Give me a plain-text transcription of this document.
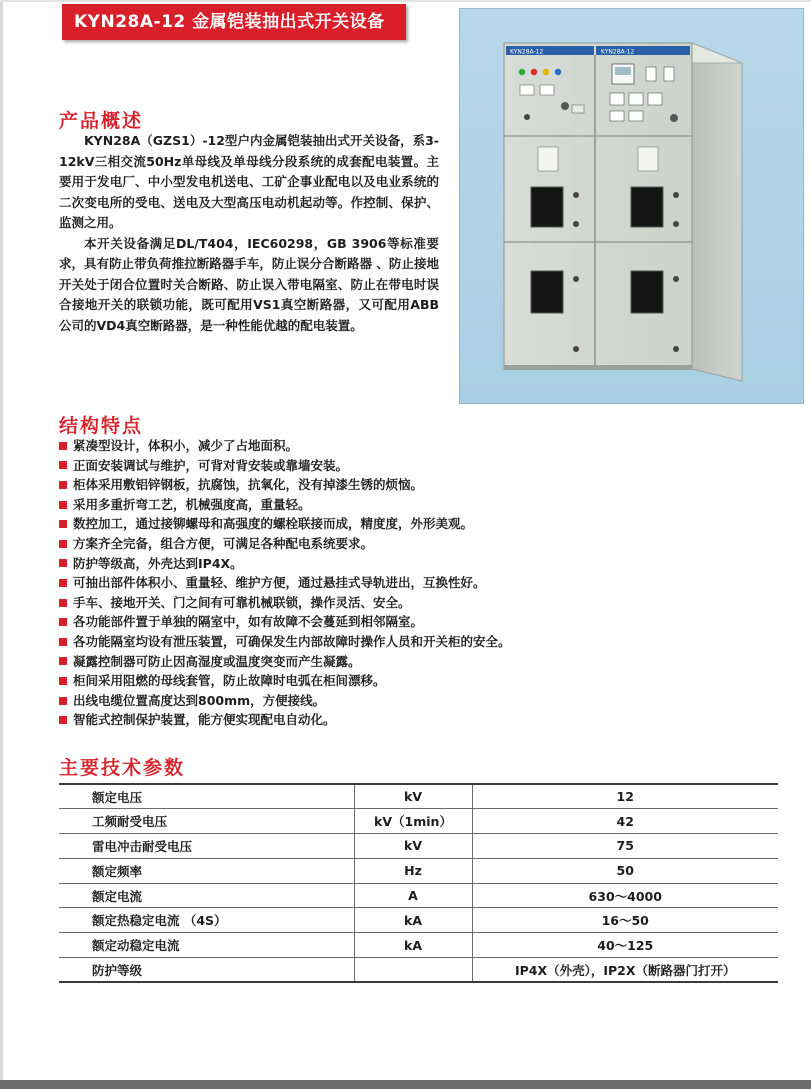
KYN28A-12 金属铠装抽出式开关设备
KYN28A-12	KYN28A-12
产品概述

KYN28A（GZS1）-12型户内金属铠装抽出式开关设备，系3-12kV三相交流50Hz单母线及单母线分段系统的成套配电装置。主要用于发电厂、中小型发电机送电、工矿企事业配电以及电业系统的二次变电所的受电、送电及大型高压电动机起动等。作控制、保护、监测之用。

本开关设备满足DL/T404，IEC60298，GB 3906等标准要求，具有防止带负荷推拉断路器手车，防止误分合断路器 、防止接地开关处于闭合位置时关合断路、防止误入带电隔室、防止在带电时误合接地开关的联锁功能，既可配用VS1真空断路器，又可配用ABB公司的VD4真空断路器，是一种性能优越的配电装置。

结构特点
紧凑型设计，体积小，减少了占地面积。
正面安装调试与维护，可背对背安装或靠墙安装。
柜体采用敷铝锌钢板，抗腐蚀，抗氧化，没有掉漆生锈的烦恼。
采用多重折弯工艺，机械强度高，重量轻。
数控加工，通过接铆螺母和高强度的螺栓联接而成，精度度，外形美观。
方案齐全完备，组合方便，可满足各种配电系统要求。
防护等级高，外壳达到IP4X。
可抽出部件体积小、重量轻、维护方便，通过悬挂式导轨进出，互换性好。
手车、接地开关、门之间有可靠机械联锁，操作灵活、安全。
各功能部件置于单独的隔室中，如有故障不会蔓延到相邻隔室。
各功能隔室均设有泄压装置，可确保发生内部故障时操作人员和开关柜的安全。
凝露控制器可防止因高湿度或温度突变而产生凝露。
柜间采用阻燃的母线套管，防止故障时电弧在柜间漂移。
出线电缆位置高度达到800mm，方便接线。
智能式控制保护装置，能方便实现配电自动化。
主要技术参数
额定电压	kV	12
工频耐受电压	kV（1min）	42
雷电冲击耐受电压	kV	75
额定频率	Hz	50
额定电流	A	630～4000
额定热稳定电流 （4S）	kA	16～50
额定动稳定电流	kA	40～125
防护等级		IP4X（外壳），IP2X（断路器门打开）
